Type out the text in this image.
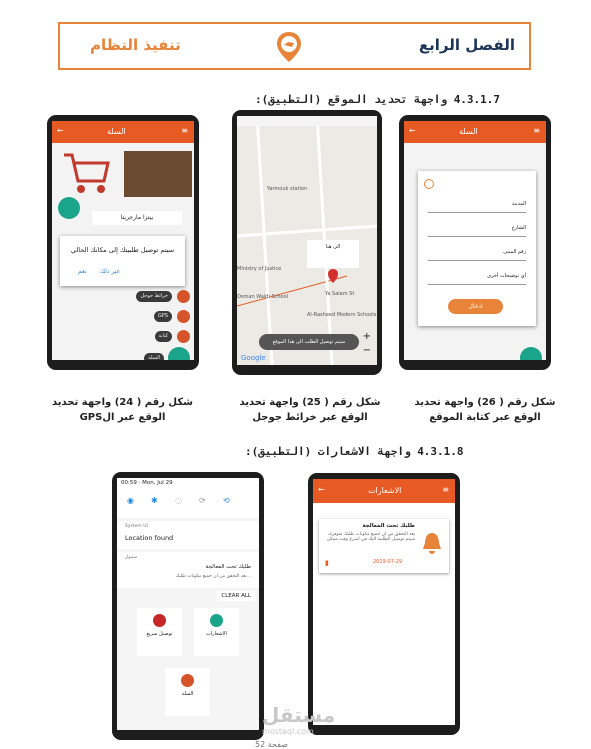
تنفيذ النظام	الفصل الرابع
4.3.1.7 واجهة تحديد الموقع (التطبيق):
←	السلة	≡
بيتزا مارجريتا
سيتم توصيل طلبيتك إلى مكانك الحالي
نعم غير ذلك
خرائط جوجل
GPS
كتابة
السلة
Yarmouk station
Ministry of Justice
Osman Waldi School
Al-Rasheed Modern Schools
Ya Salam St
الى هنا
سيتم توصيل الطلب الى هذا الموقع
Google
+
−
←	السلة	≡
المدينة
الشارع
رقم المبنى
أي توضيحات أخرى
ادخال
شكل رقم ( 24) واجهة تحديد الوقع عبر الGPS
شكل رقم ( 25) واجهة تحديد الوقع عبر خرائط جوجل
شكل رقم ( 26) واجهة تحديد الوقع عبر كتابة الموقع
4.3.1.8 واجهة الاشعارات (التطبيق):
00:59 · Mon, Jul 29
◉ ✱ ◌ ⟳ ⟲
System UI
Location found
ستيوار
طلبك تحت المعالجة
بعد التحقق من ان جميع مكونات طلبك...
CLEAR ALL
توصيل سريع	الاشعارات
السلة
←	الاشعارات	≡
طلبك تحت المعالجة
بعد التحقق من ان جميع مكونات طلبك متوفرة، سيتم توصيل الطلبية اليك في اسرع وقت ممكن
▮	2019-07-29
مستقل
mostaql.com
صفحة 52
